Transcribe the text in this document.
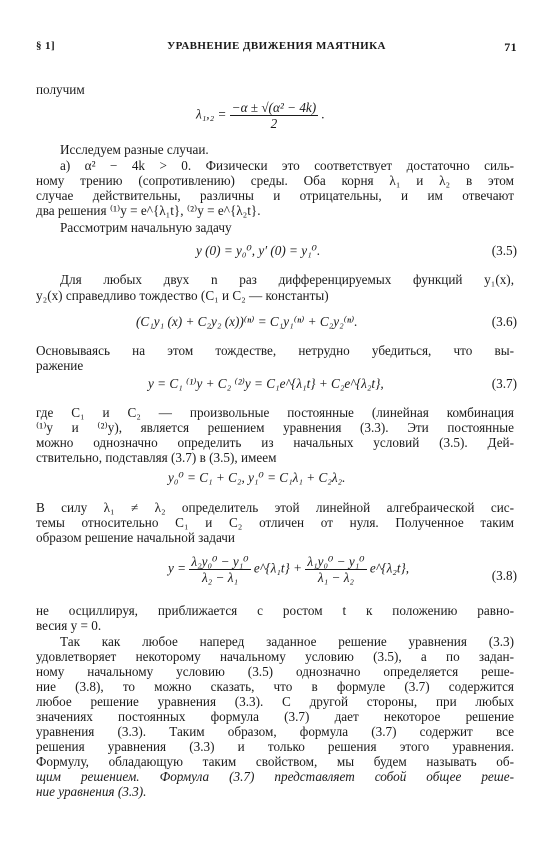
§ 1]	УРАВНЕНИЕ ДВИЖЕНИЯ МАЯТНИКА	71
получим
$\lambda_1,_2 = \frac{\text{−α ± √(α² − 4k)}}{2}$ .
Исследуем разные случаи.
а) α² − 4k > 0. Физически это соответствует достаточно силь-
ному трению (сопротивлению) среды. Оба корня λ₁ и λ₂ в этом
случае действительны, различны и отрицательны, и им отвечают
два решения ⁽¹⁾y = e^{λ₁t}, ⁽²⁾y = e^{λ₂t}.
Рассмотрим начальную задачу
y (0) = y₀⁰, y′ (0) = y₁⁰.	(3.5)
Для любых двух n раз дифференцируемых функций y₁(x),
y₂(x) справедливо тождество (C₁ и C₂ — константы)
(C₁y₁ (x) + C₂y₂ (x))⁽ⁿ⁾ = C₁y₁⁽ⁿ⁾ + C₂y₂⁽ⁿ⁾.	(3.6)
Основываясь на этом тождестве, нетрудно убедиться, что вы-
ражение
y = C₁ ⁽¹⁾y + C₂ ⁽²⁾y = C₁e^{λ₁t} + C₂e^{λ₂t},	(3.7)
где C₁ и C₂ — произвольные постоянные (линейная комбинация
⁽¹⁾y и ⁽²⁾y), является решением уравнения (3.3). Эти постоянные
можно однозначно определить из начальных условий (3.5). Дей-
ствительно, подставляя (3.7) в (3.5), имеем
y₀⁰ = C₁ + C₂, y₁⁰ = C₁λ₁ + C₂λ₂.
В силу λ₁ ≠ λ₂ определитель этой линейной алгебраической сис-
темы относительно C₁ и C₂ отличен от нуля. Полученное таким
образом решение начальной задачи
$y = \frac{\text{λ₂y₀⁰ − y₁⁰}}{\text{λ₂ − λ₁}}$ e^{λ₁t} + $\frac{\text{λ₁y₀⁰ − y₁⁰}}{\text{λ₁ − λ₂}}$ e^{λ₂t},	(3.8)
не осциллируя, приближается с ростом t к положению равно-
весия y = 0.
Так как любое наперед заданное решение уравнения (3.3)
удовлетворяет некоторому начальному условию (3.5), а по задан-
ному начальному условию (3.5) однозначно определяется реше-
ние (3.8), то можно сказать, что в формуле (3.7) содержится
любое решение уравнения (3.3). С другой стороны, при любых
значениях постоянных формула (3.7) дает некоторое решение
уравнения (3.3). Таким образом, формула (3.7) содержит все
решения уравнения (3.3) и только решения этого уравнения.
Формулу, обладающую таким свойством, мы будем называть об-
щим решением. Формула (3.7) представляет собой общее реше-
ние уравнения (3.3).
